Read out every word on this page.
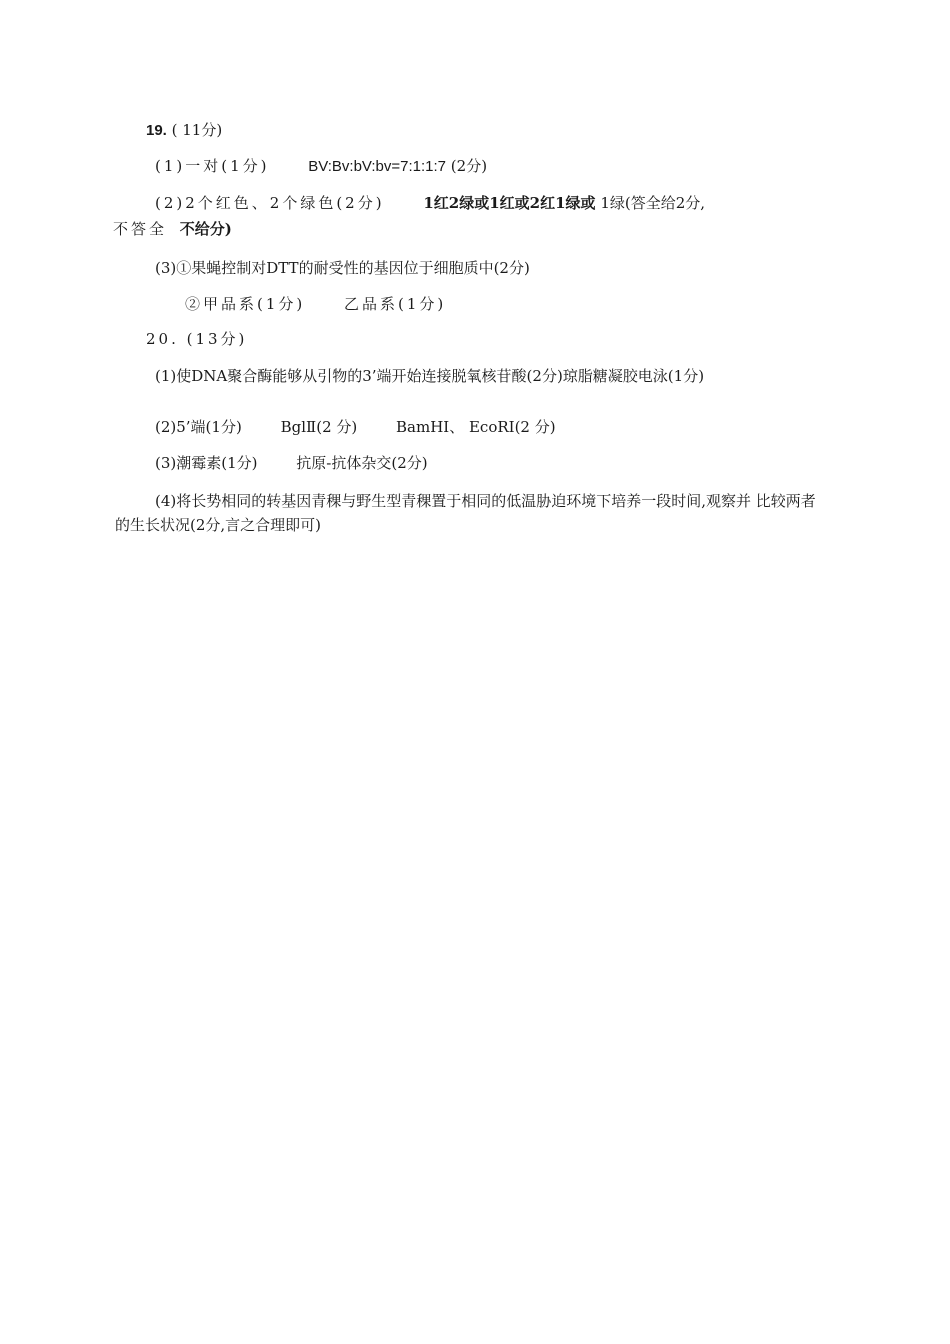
19. ( 11分)
(1)一对(1分)	BV:Bv:bV:bv=7:1:1:7 (2分)
(2)2个红色、2个绿色(2分)	1红2绿或1红或2红1绿或 1绿(答全给2分,
不答全 不给分)
(3)①果蝇控制对DTT的耐受性的基因位于细胞质中(2分)
②甲品系(1分)	乙品系(1分)
20. (13分)
(1)使DNA聚合酶能够从引物的3’端开始连接脱氧核苷酸(2分)琼脂糖凝胶电泳(1分)
(2)5’端(1分)	BglⅡ(2 分)	BamHI、 EcoRI(2 分)
(3)潮霉素(1分)	抗原-抗体杂交(2分)
(4)将长势相同的转基因青稞与野生型青稞置于相同的低温胁迫环境下培养一段时间,观察并 比较两者的生长状况(2分,言之合理即可)
